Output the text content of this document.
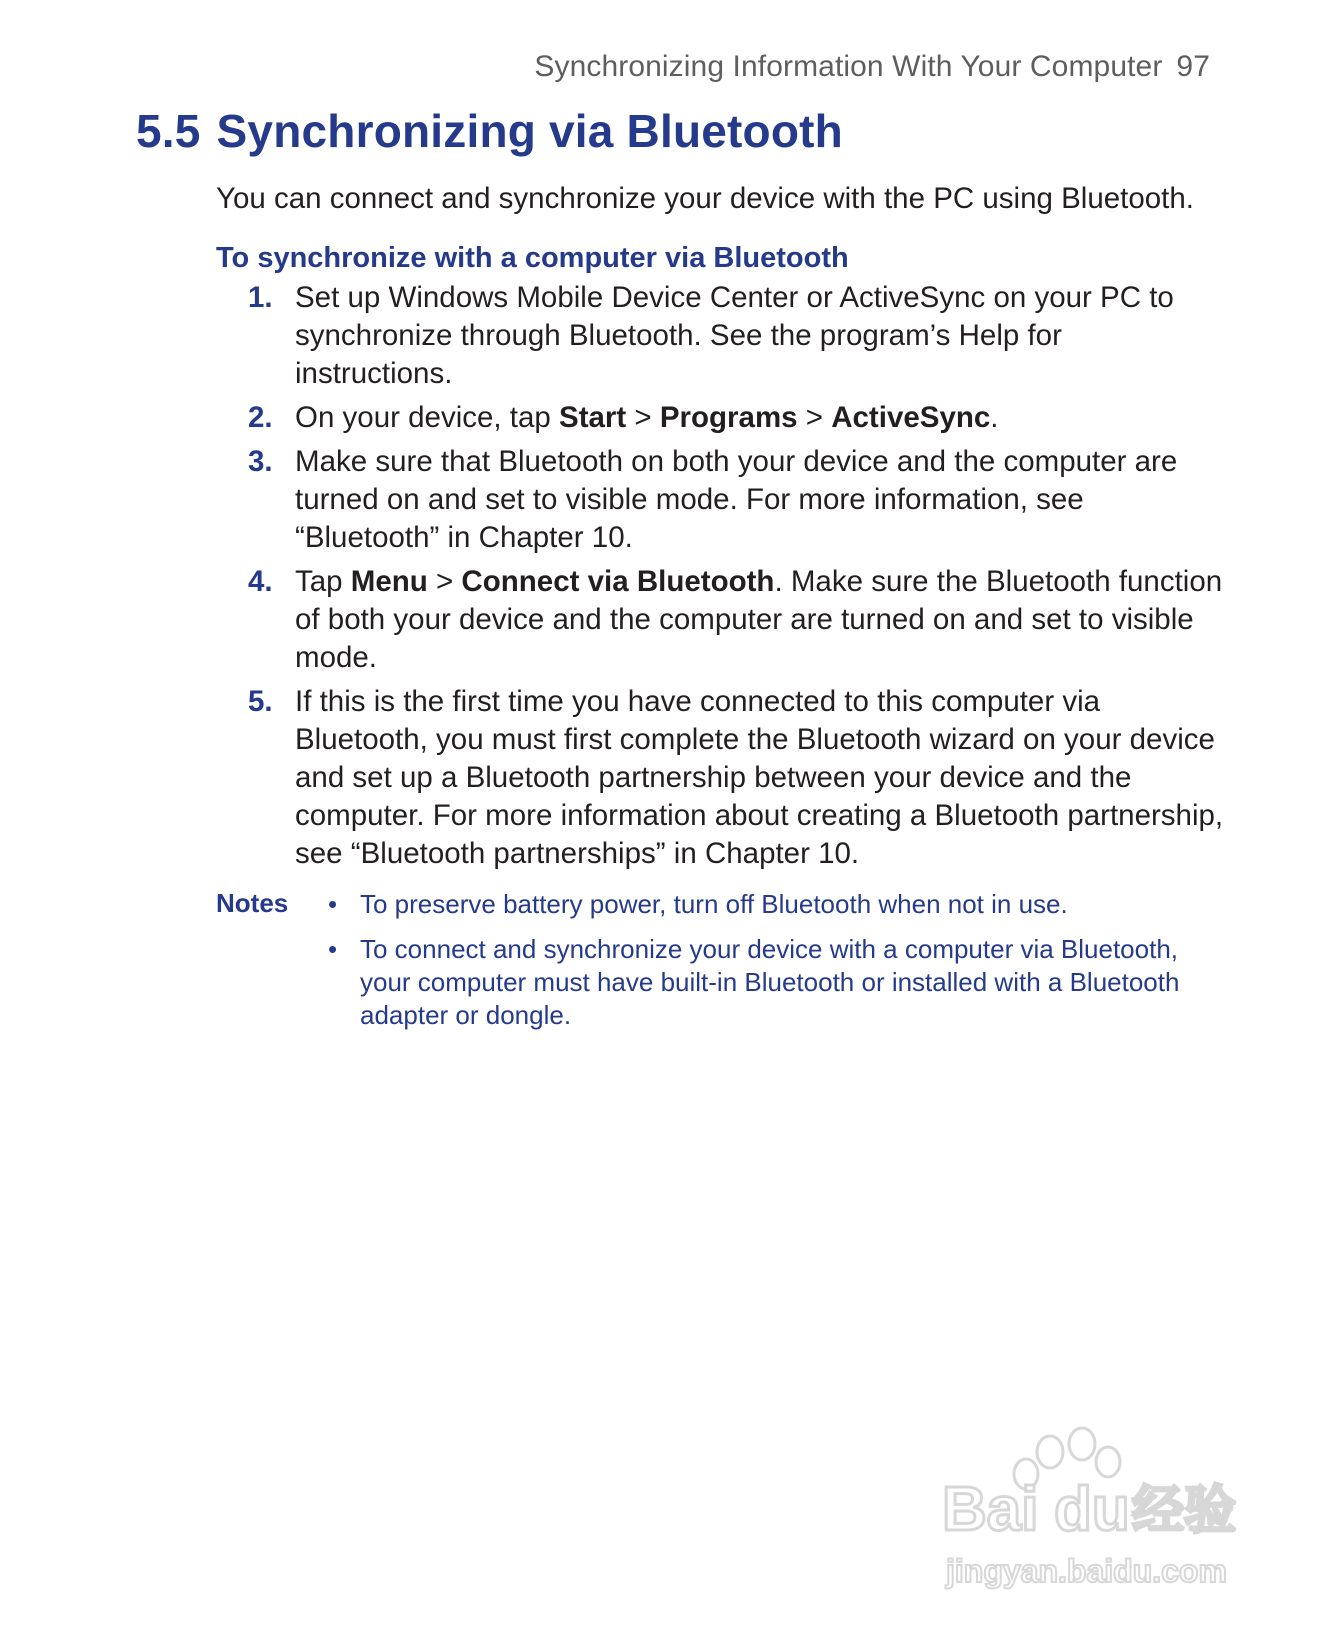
Synchronizing Information With Your Computer 97
5.5 Synchronizing via Bluetooth

You can connect and synchronize your device with the PC using Bluetooth.

To synchronize with a computer via Bluetooth
1. Set up Windows Mobile Device Center or ActiveSync on your PC to synchronize through Bluetooth. See the program’s Help for instructions.
2. On your device, tap Start > Programs > ActiveSync.
3. Make sure that Bluetooth on both your device and the computer are turned on and set to visible mode. For more information, see “Bluetooth” in Chapter 10.
4. Tap Menu > Connect via Bluetooth. Make sure the Bluetooth function of both your device and the computer are turned on and set to visible mode.
5. If this is the first time you have connected to this computer via Bluetooth, you must first complete the Bluetooth wizard on your device and set up a Bluetooth partnership between your device and the computer. For more information about creating a Bluetooth partnership, see “Bluetooth partnerships” in Chapter 10.
Notes • To preserve battery power, turn off Bluetooth when not in use.
• To connect and synchronize your device with a computer via Bluetooth, your computer must have built-in Bluetooth or installed with a Bluetooth adapter or dongle.
Bai du 经验
jingyan.baidu.com
